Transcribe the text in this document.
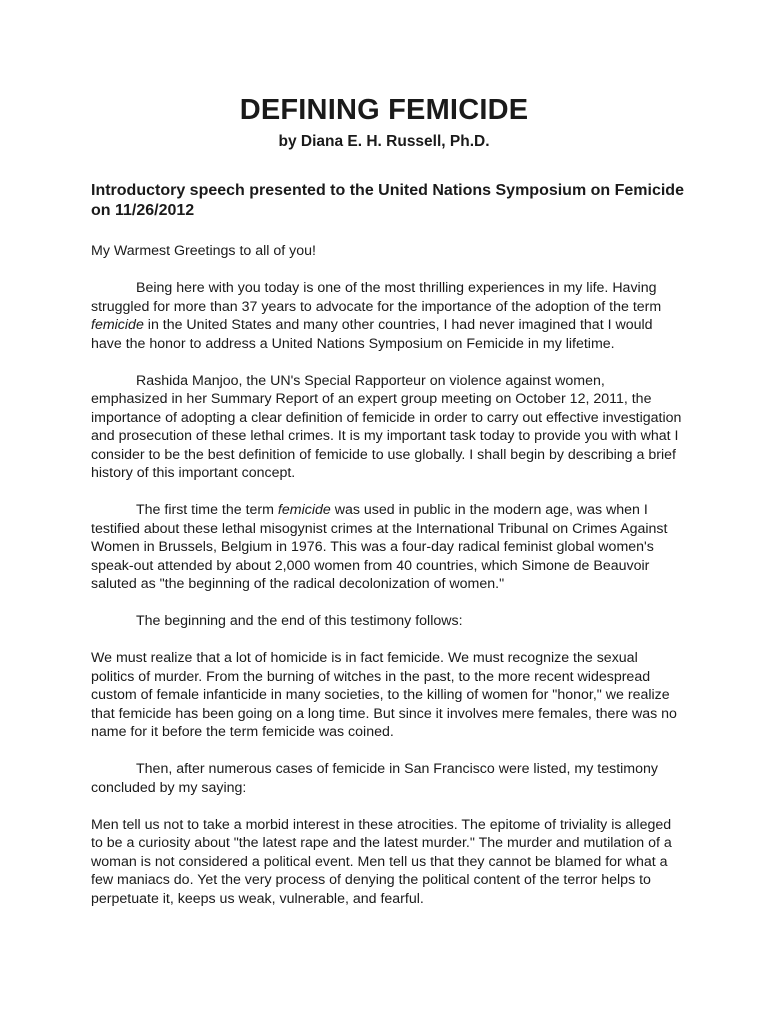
DEFINING FEMICIDE
by Diana E. H. Russell, Ph.D.
Introductory speech presented to the United Nations Symposium on Femicide on 11/26/2012

My Warmest Greetings to all of you!

Being here with you today is one of the most thrilling experiences in my life. Having struggled for more than 37 years to advocate for the importance of the adoption of the term femicide in the United States and many other countries, I had never imagined that I would have the honor to address a United Nations Symposium on Femicide in my lifetime.

Rashida Manjoo, the UN's Special Rapporteur on violence against women, emphasized in her Summary Report of an expert group meeting on October 12, 2011, the importance of adopting a clear definition of femicide in order to carry out effective investigation and prosecution of these lethal crimes. It is my important task today to provide you with what I consider to be the best definition of femicide to use globally. I shall begin by describing a brief history of this important concept.

The first time the term femicide was used in public in the modern age, was when I testified about these lethal misogynist crimes at the International Tribunal on Crimes Against Women in Brussels, Belgium in 1976. This was a four-day radical feminist global women's speak-out attended by about 2,000 women from 40 countries, which Simone de Beauvoir saluted as "the beginning of the radical decolonization of women."

The beginning and the end of this testimony follows:

We must realize that a lot of homicide is in fact femicide. We must recognize the sexual politics of murder. From the burning of witches in the past, to the more recent widespread custom of female infanticide in many societies, to the killing of women for "honor," we realize that femicide has been going on a long time. But since it involves mere females, there was no name for it before the term femicide was coined.

Then, after numerous cases of femicide in San Francisco were listed, my testimony concluded by my saying:

Men tell us not to take a morbid interest in these atrocities. The epitome of triviality is alleged to be a curiosity about "the latest rape and the latest murder." The murder and mutilation of a woman is not considered a political event. Men tell us that they cannot be blamed for what a few maniacs do. Yet the very process of denying the political content of the terror helps to perpetuate it, keeps us weak, vulnerable, and fearful.
